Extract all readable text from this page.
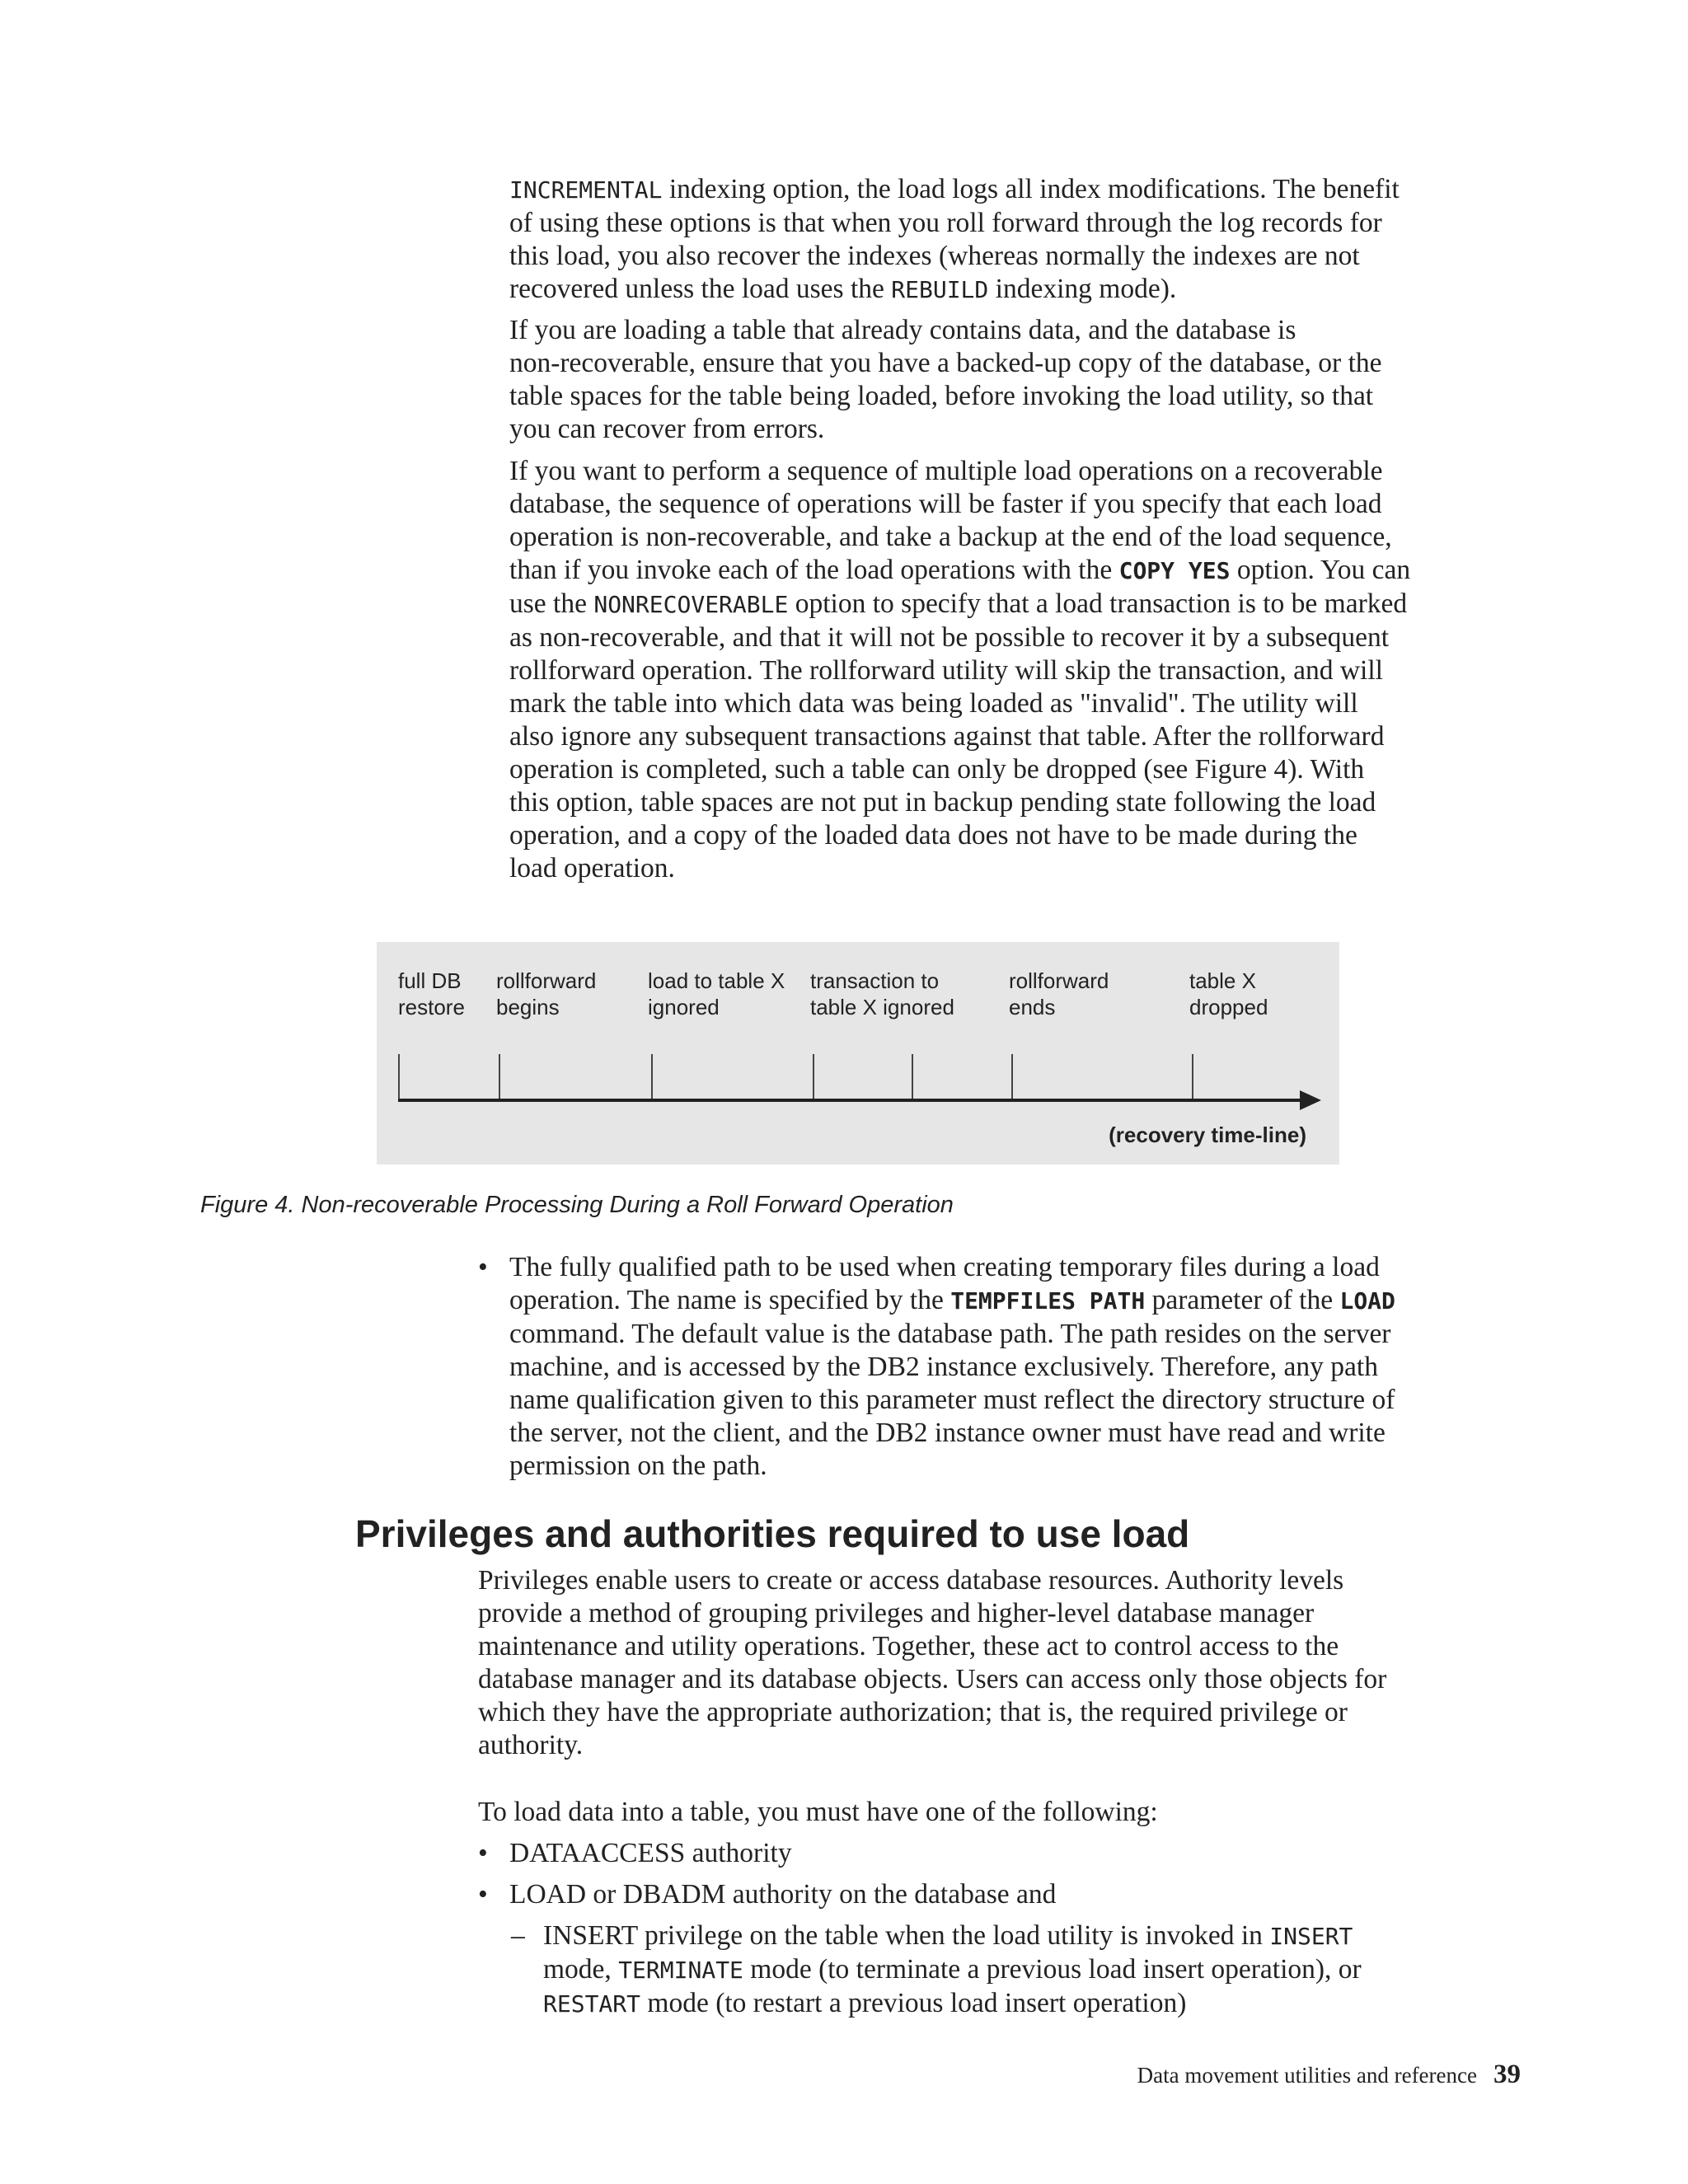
INCREMENTAL indexing option, the load logs all index modifications. The benefit
of using these options is that when you roll forward through the log records for
this load, you also recover the indexes (whereas normally the indexes are not
recovered unless the load uses the REBUILD indexing mode).
If you are loading a table that already contains data, and the database is
non-recoverable, ensure that you have a backed-up copy of the database, or the
table spaces for the table being loaded, before invoking the load utility, so that
you can recover from errors.
If you want to perform a sequence of multiple load operations on a recoverable
database, the sequence of operations will be faster if you specify that each load
operation is non-recoverable, and take a backup at the end of the load sequence,
than if you invoke each of the load operations with the COPY YES option. You can
use the NONRECOVERABLE option to specify that a load transaction is to be marked
as non-recoverable, and that it will not be possible to recover it by a subsequent
rollforward operation. The rollforward utility will skip the transaction, and will
mark the table into which data was being loaded as "invalid". The utility will
also ignore any subsequent transactions against that table. After the rollforward
operation is completed, such a table can only be dropped (see Figure 4). With
this option, table spaces are not put in backup pending state following the load
operation, and a copy of the loaded data does not have to be made during the
load operation.
full DB
restore
rollforward
begins
load to table X
ignored
transaction to
table X ignored
rollforward
ends
table X
dropped
(recovery time-line)
Figure 4. Non-recoverable Processing During a Roll Forward Operation
• The fully qualified path to be used when creating temporary files during a load
operation. The name is specified by the TEMPFILES PATH parameter of the LOAD
command. The default value is the database path. The path resides on the server
machine, and is accessed by the DB2 instance exclusively. Therefore, any path
name qualification given to this parameter must reflect the directory structure of
the server, not the client, and the DB2 instance owner must have read and write
permission on the path.
Privileges and authorities required to use load
Privileges enable users to create or access database resources. Authority levels
provide a method of grouping privileges and higher-level database manager
maintenance and utility operations. Together, these act to control access to the
database manager and its database objects. Users can access only those objects for
which they have the appropriate authorization; that is, the required privilege or
authority.
To load data into a table, you must have one of the following:
• DATAACCESS authority
• LOAD or DBADM authority on the database and
– INSERT privilege on the table when the load utility is invoked in INSERT
mode, TERMINATE mode (to terminate a previous load insert operation), or
RESTART mode (to restart a previous load insert operation)
Data movement utilities and reference 39
